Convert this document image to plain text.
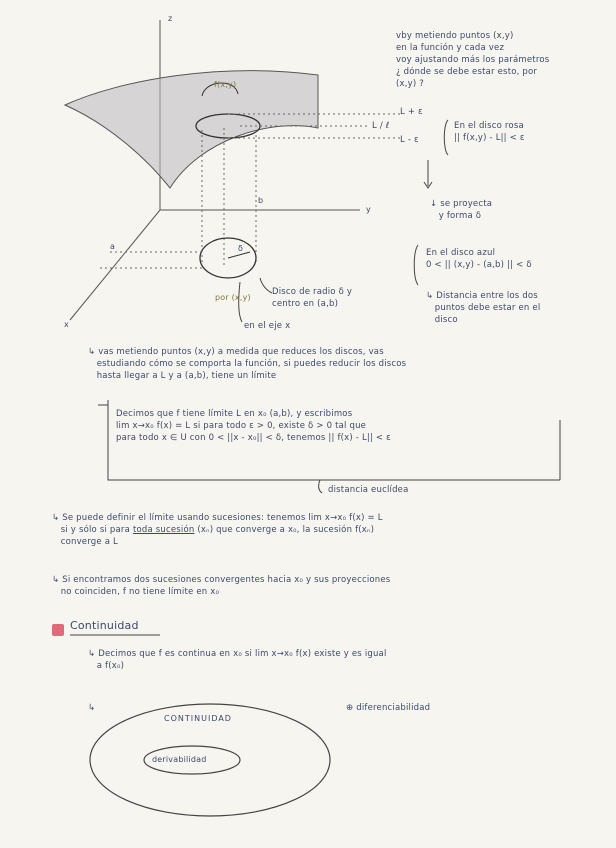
z
y
x
a
b
δ
f(x,y)
por (x,y)
vby metiendo puntos (x,y)
en la función y cada vez
voy ajustando más los parámetros
¿ dónde se debe estar esto, por
(x,y) ?
L + ε
L / ℓ
L - ε
En el disco rosa
|| f(x,y) - L|| < ε
↓ se proyecta
y forma δ
En el disco azul
0 < || (x,y) - (a,b) || < δ
↳ Distancia entre los dos
puntos debe estar en el
disco
Disco de radio δ y
centro en (a,b)
en el eje x
↳ vas metiendo puntos (x,y) a medida que reduces los discos, vas
estudiando cómo se comporta la función, si puedes reducir los discos
hasta llegar a L y a (a,b), tiene un límite
Decimos que f tiene límite L en x₀ (a,b), y escribimos
lim x→x₀ f(x) = L si para todo ε > 0, existe δ > 0 tal que
para todo x ∈ U con 0 < ||x - x₀|| < δ, tenemos || f(x) - L|| < ε
distancia euclídea
↳ Se puede definir el límite usando sucesiones: tenemos lim x→x₀ f(x) = L
si y sólo si para toda sucesión (xₙ) que converge a x₀, la sucesión f(xₙ)
converge a L
↳ Si encontramos dos sucesiones convergentes hacia x₀ y sus proyecciones
no coinciden, f no tiene límite en x₀
Continuidad
↳ Decimos que f es continua en x₀ si lim x→x₀ f(x) existe y es igual
a f(x₀)
↳	⊕ diferenciabilidad
CONTINUIDAD
derivabilidad
